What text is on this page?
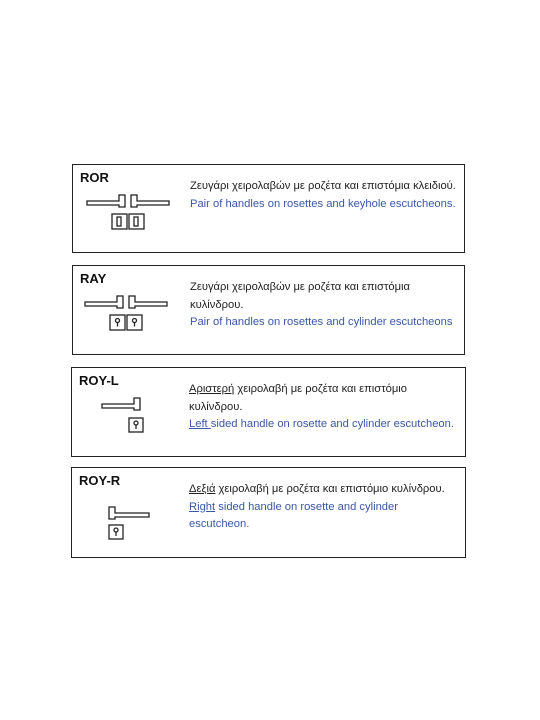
ROR
Ζευγάρι χειρολαβών με ροζέτα και επιστόμια κλειδιού.
Pair of handles on rosettes and keyhole escutcheons.
RAY
Ζευγάρι χειρολαβών με ροζέτα και επιστόμια κυλίνδρου.
Pair of handles on rosettes and cylinder escutcheons
ROY-L
Αριστερή χειρολαβή με ροζέτα και επιστόμιο κυλίνδρου.
Left sided handle on rosette and cylinder escutcheon.
ROY-R
Δεξιά χειρολαβή με ροζέτα και επιστόμιο κυλίνδρου.
Right sided handle on rosette and cylinder escutcheon.
